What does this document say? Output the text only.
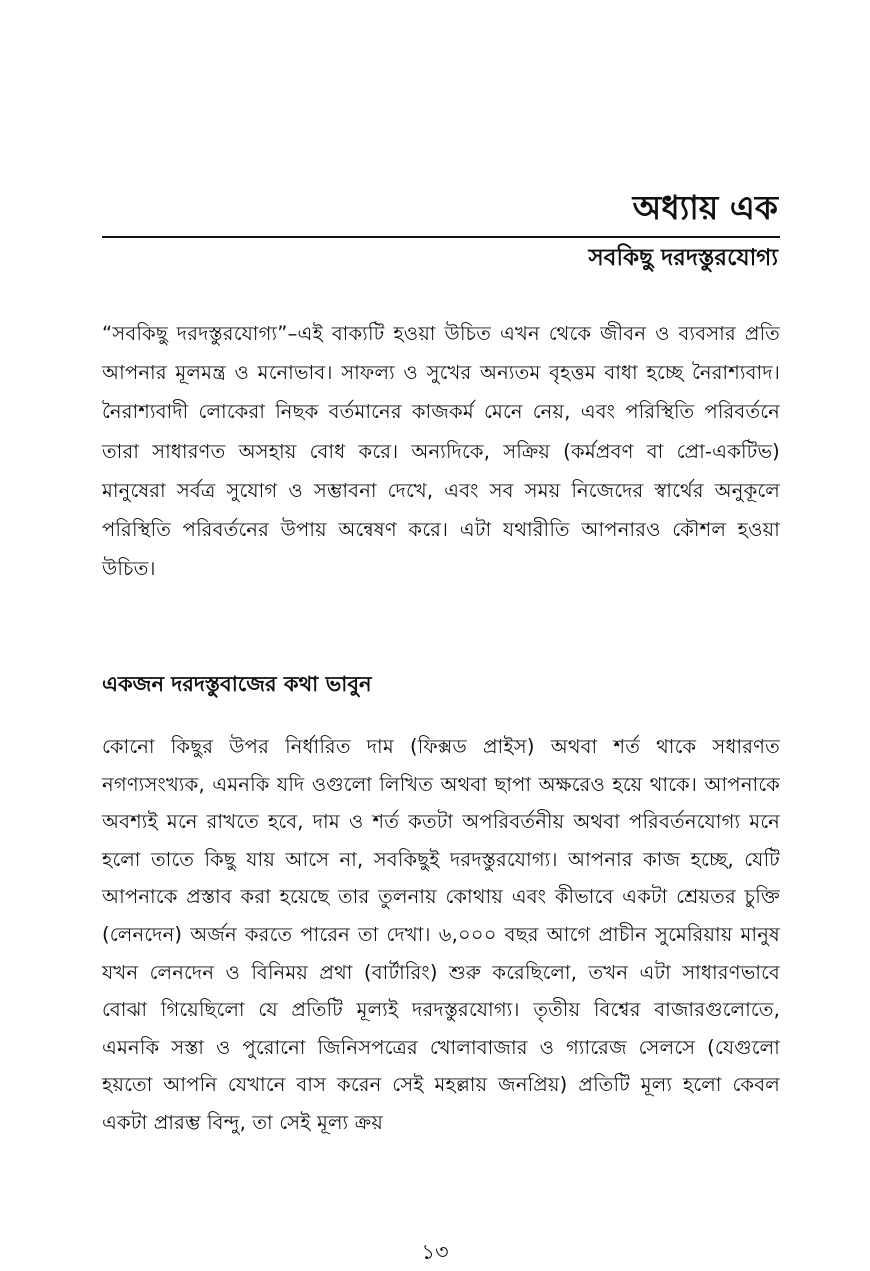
অধ্যায় এক
সবকিছু দরদস্তুরযোগ্য

“সবকিছু দরদস্তুরযোগ্য”–এই বাক্যটি হওয়া উচিত এখন থেকে জীবন ও ব্যবসার প্রতি আপনার মূলমন্ত্র ও মনোভাব। সাফল্য ও সুখের অন্যতম বৃহত্তম বাধা হচ্ছে নৈরাশ্যবাদ। নৈরাশ্যবাদী লোকেরা নিছক বর্তমানের কাজকর্ম মেনে নেয়, এবং পরিস্থিতি পরিবর্তনে তারা সাধারণত অসহায় বোধ করে। অন্যদিকে, সক্রিয় (কর্মপ্রবণ বা প্রো-একটিভ) মানুষেরা সর্বত্র সুযোগ ও সম্ভাবনা দেখে, এবং সব সময় নিজেদের স্বার্থের অনুকূলে পরিস্থিতি পরিবর্তনের উপায় অন্বেষণ করে। এটা যথারীতি আপনারও কৌশল হওয়া উচিত।

একজন দরদস্তুবাজের কথা ভাবুন

কোনো কিছুর উপর নির্ধারিত দাম (ফিক্সড প্রাইস) অথবা শর্ত থাকে সধারণত নগণ্যসংখ্যক, এমনকি যদি ওগুলো লিখিত অথবা ছাপা অক্ষরেও হয়ে থাকে। আপনাকে অবশ্যই মনে রাখতে হবে, দাম ও শর্ত কতটা অপরিবর্তনীয় অথবা পরিবর্তনযোগ্য মনে হলো তাতে কিছু যায় আসে না, সবকিছুই দরদস্তুরযোগ্য। আপনার কাজ হচ্ছে, যেটি আপনাকে প্রস্তাব করা হয়েছে তার তুলনায় কোথায় এবং কীভাবে একটা শ্রেয়তর চুক্তি (লেনদেন) অর্জন করতে পারেন তা দেখা। ৬,০০০ বছর আগে প্রাচীন সুমেরিয়ায় মানুষ যখন লেনদেন ও বিনিময় প্রথা (বার্টারিং) শুরু করেছিলো, তখন এটা সাধারণভাবে বোঝা গিয়েছিলো যে প্রতিটি মূল্যই দরদস্তুরযোগ্য। তৃতীয় বিশ্বের বাজারগুলোতে, এমনকি সস্তা ও পুরোনো জিনিসপত্রের খোলাবাজার ও গ্যারেজ সেলসে (যেগুলো হয়তো আপনি যেখানে বাস করেন সেই মহল্লায় জনপ্রিয়) প্রতিটি মূল্য হলো কেবল একটা প্রারম্ভ বিন্দু, তা সেই মূল্য ক্রয়

১৩
